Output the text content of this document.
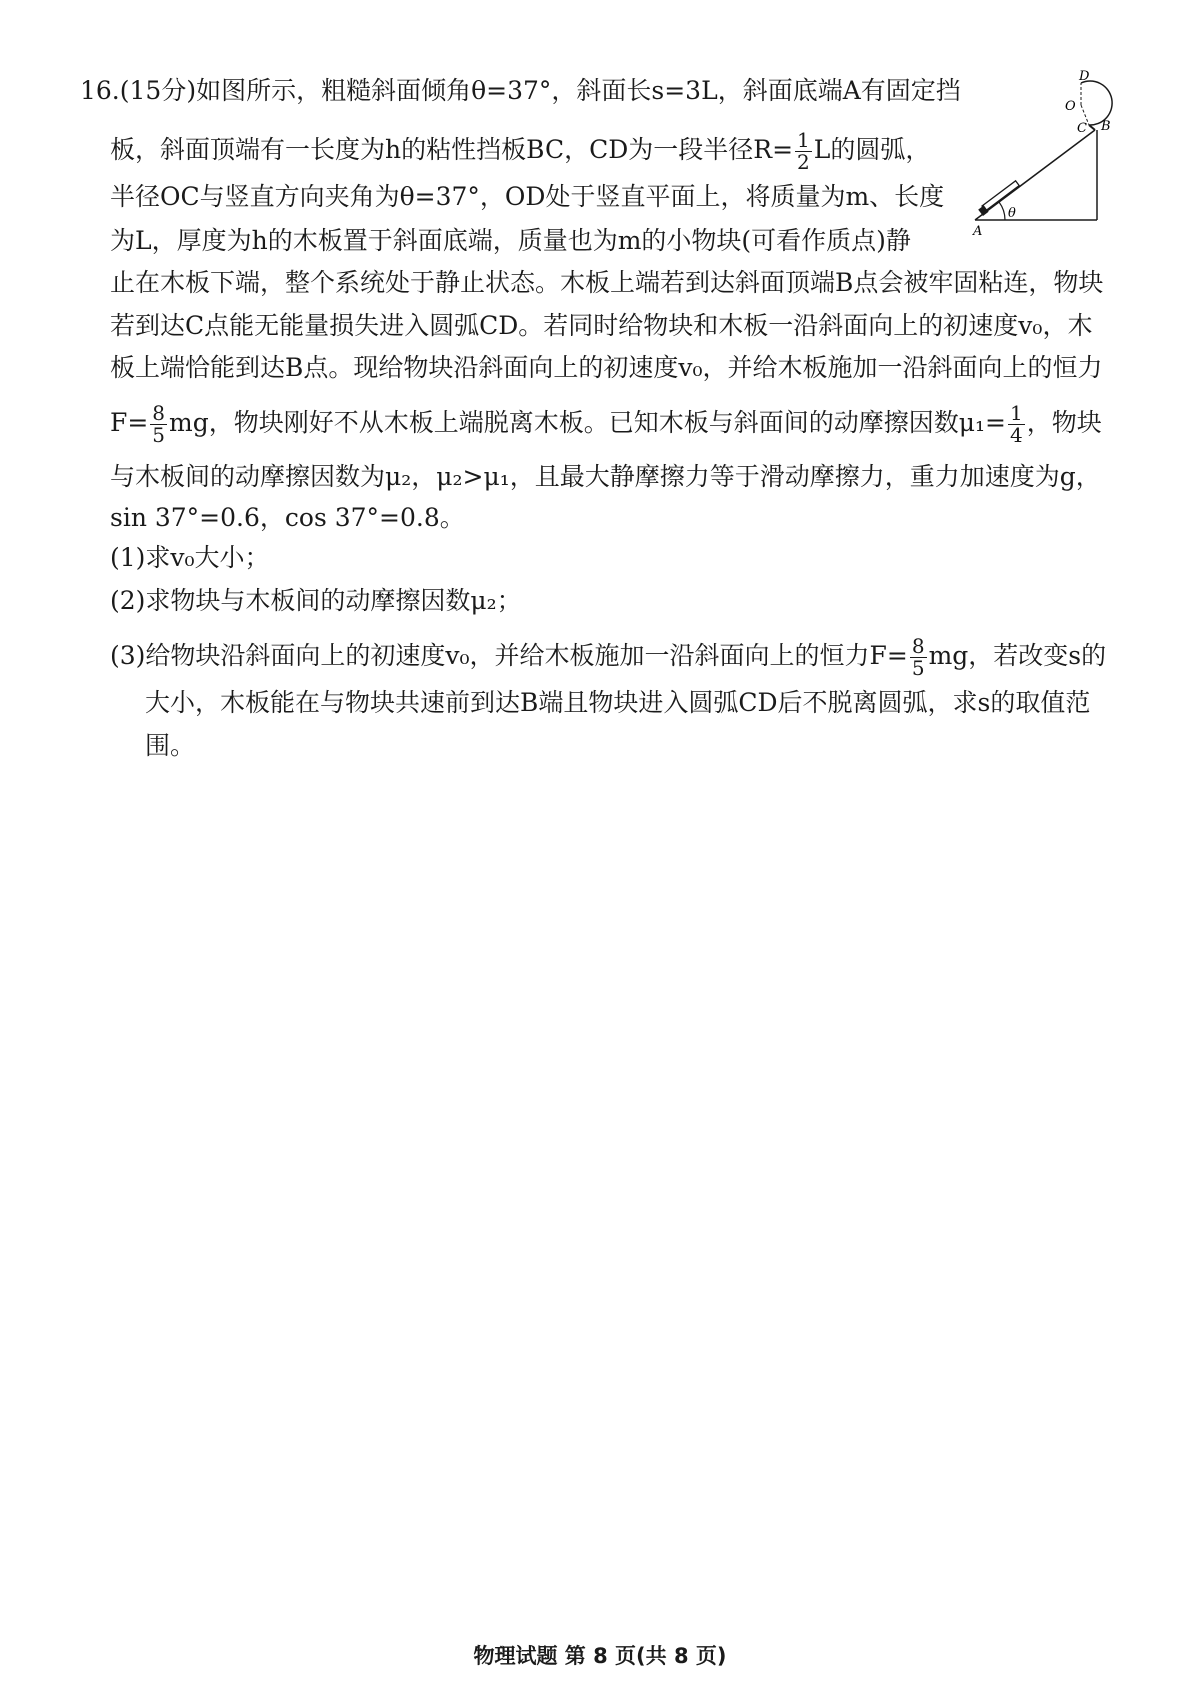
16.(15分)如图所示，粗糙斜面倾角θ=37°，斜面长s=3L，斜面底端A有固定挡
板，斜面顶端有一长度为h的粘性挡板BC，CD为一段半径$R= \frac{1}{2}$ L的圆弧，
半径OC与竖直方向夹角为θ=37°，OD处于竖直平面上，将质量为m、长度
为L，厚度为h的木板置于斜面底端，质量也为m的小物块(可看作质点)静
止在木板下端，整个系统处于静止状态。木板上端若到达斜面顶端B点会被牢固粘连，物块
若到达C点能无能量损失进入圆弧CD。若同时给物块和木板一沿斜面向上的初速度v₀，木
板上端恰能到达B点。现给物块沿斜面向上的初速度v₀，并给木板施加一沿斜面向上的恒力
$F= \frac{8}{5}$ mg，物块刚好不从木板上端脱离木板。已知木板与斜面间的动摩擦因数$\mu_1= \frac{1}{4}$ ，物块
与木板间的动摩擦因数为μ₂，μ₂>μ₁，且最大静摩擦力等于滑动摩擦力，重力加速度为g，
sin 37°=0.6，cos 37°=0.8。
(1)求v₀大小；
(2)求物块与木板间的动摩擦因数μ₂；
(3)给物块沿斜面向上的初速度v₀，并给木板施加一沿斜面向上的恒力$F= \frac{8}{5}$ mg，若改变s的
大小，木板能在与物块共速前到达B端且物块进入圆弧CD后不脱离圆弧，求s的取值范
围。
D
O
C B
A
θ
物理试题 第 8 页(共 8 页)
